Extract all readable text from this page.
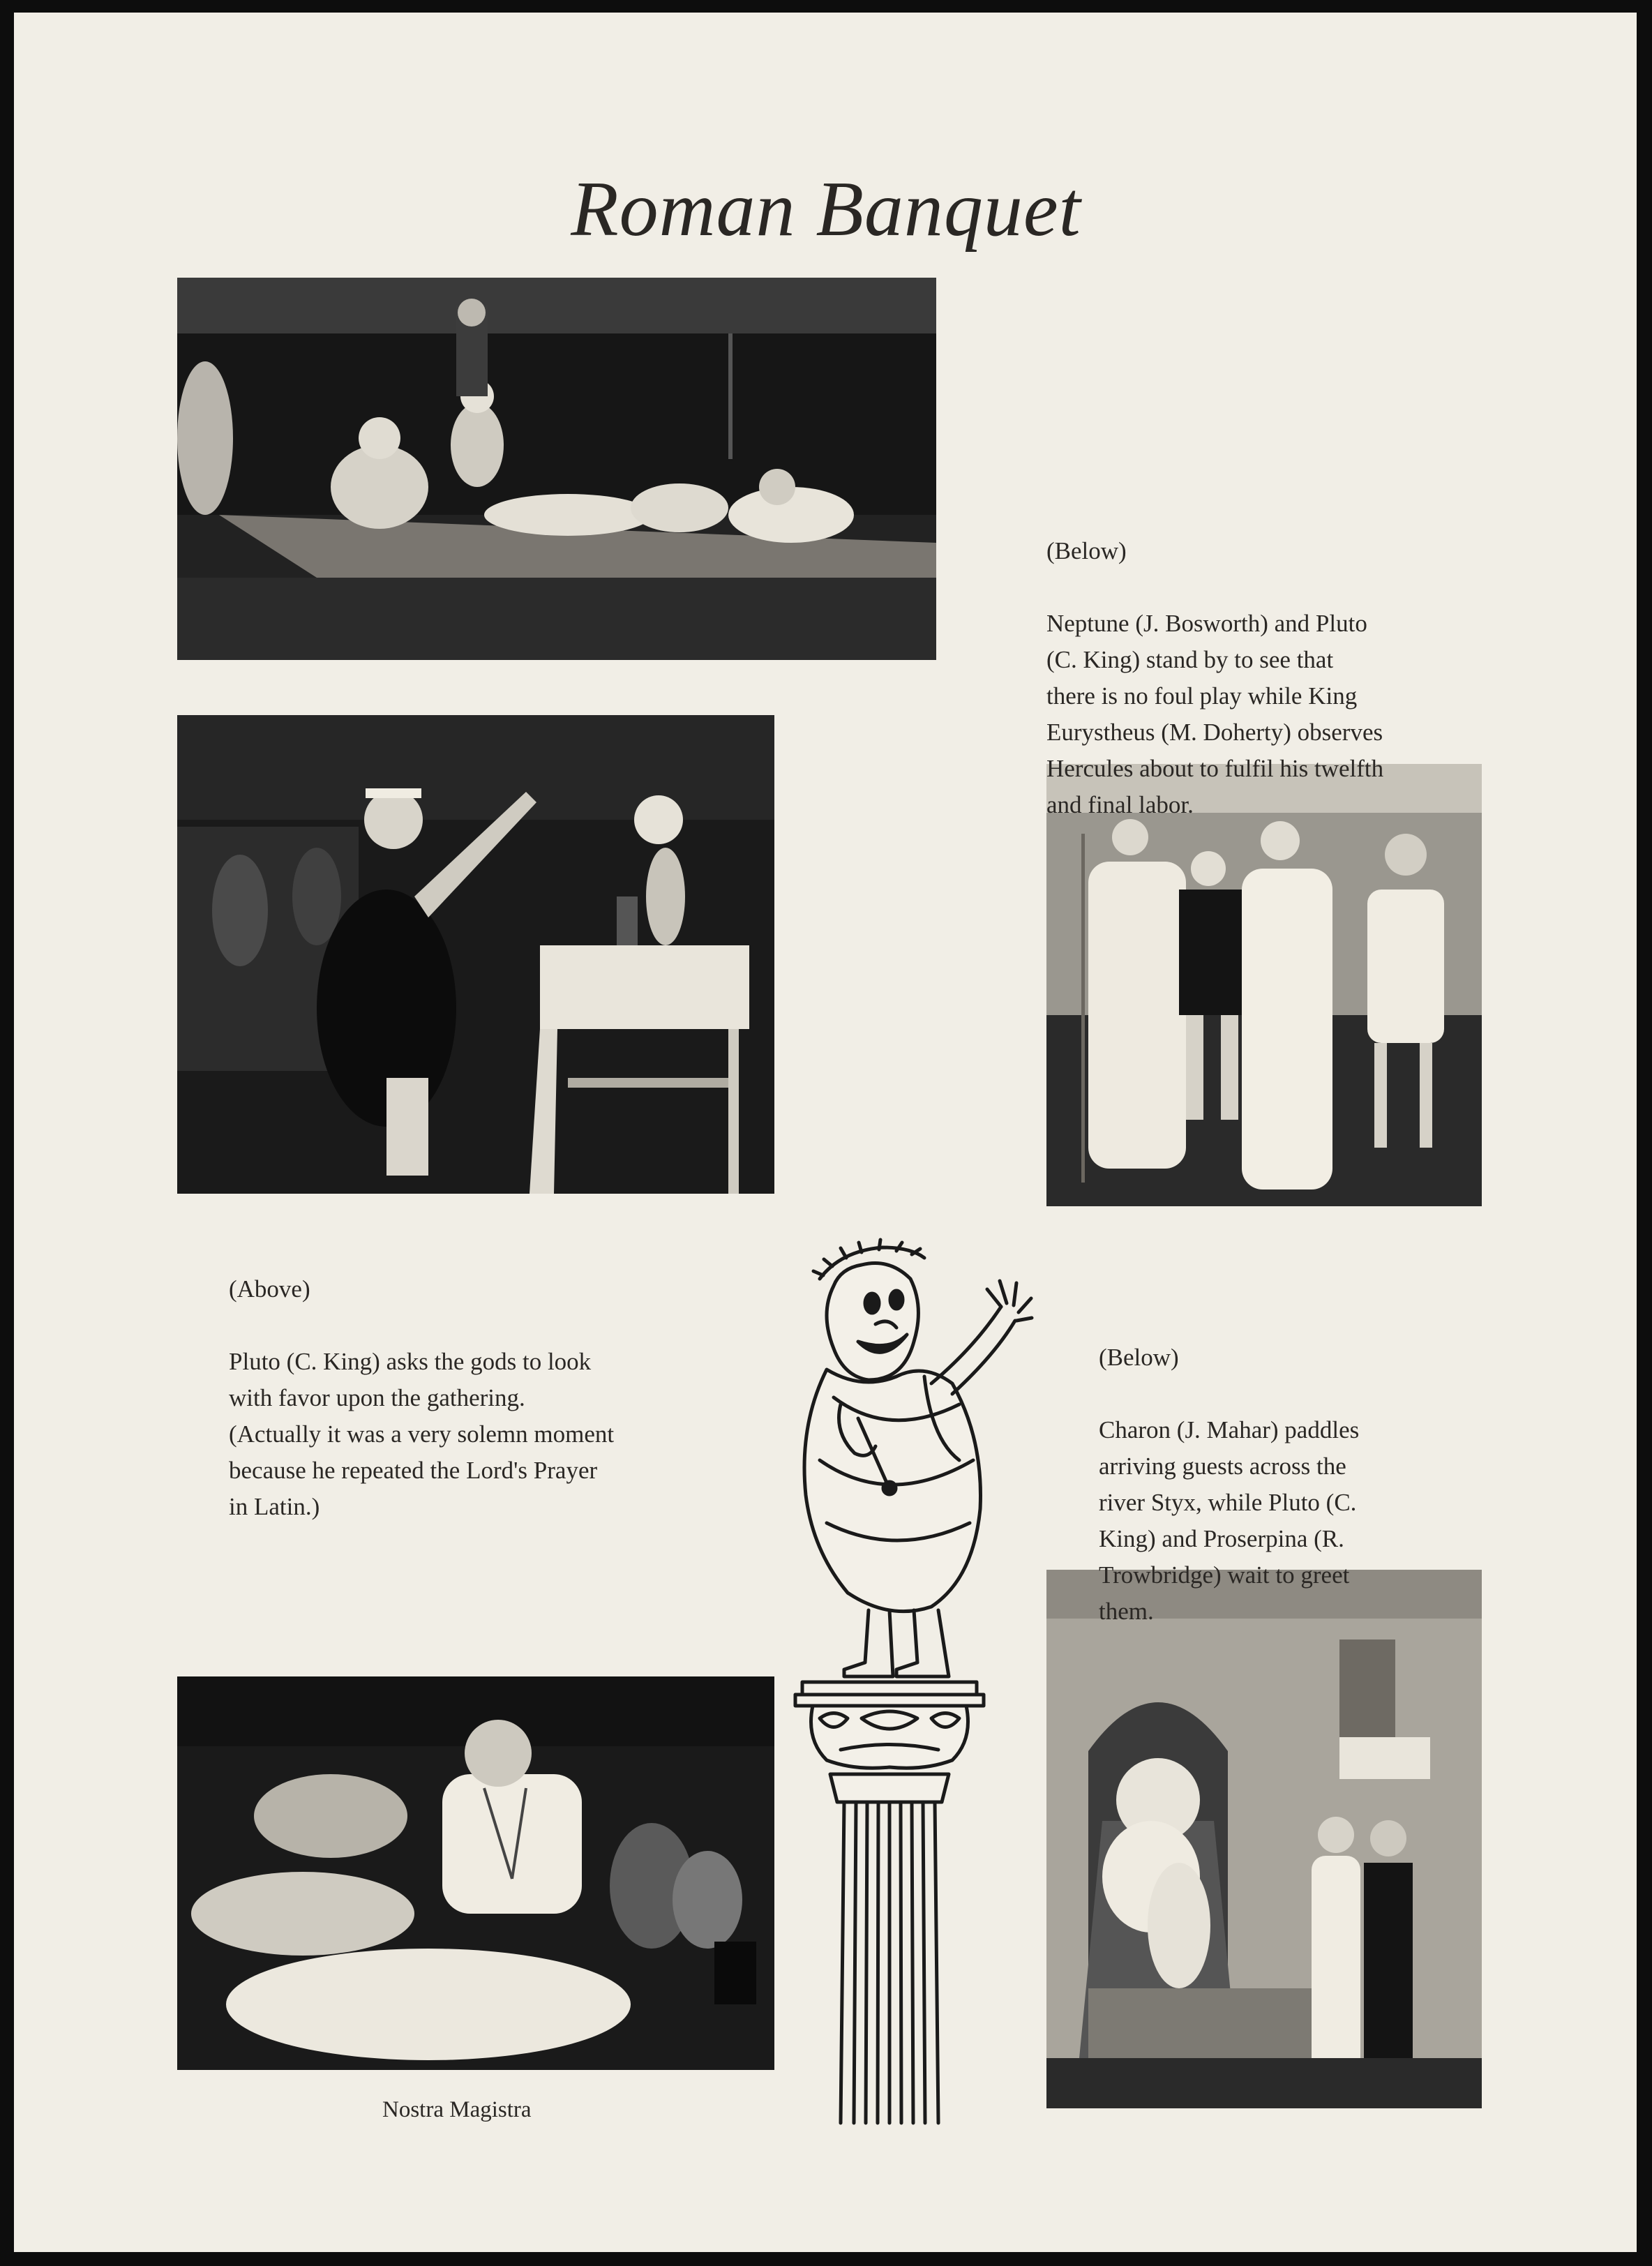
Roman Banquet

(Below)

Neptune (J. Bosworth) and Pluto
(C. King) stand by to see that
there is no foul play while King
Eurystheus (M. Doherty) observes
Hercules about to fulfil his twelfth
and final labor.

(Above)

Pluto (C. King) asks the gods to look
with favor upon the gathering.
(Actually it was a very solemn moment
because he repeated the Lord's Prayer
in Latin.)

(Below)

Charon (J. Mahar) paddles
arriving guests across the
river Styx, while Pluto (C.
King) and Proserpina (R.
Trowbridge) wait to greet
them.

Nostra Magistra
